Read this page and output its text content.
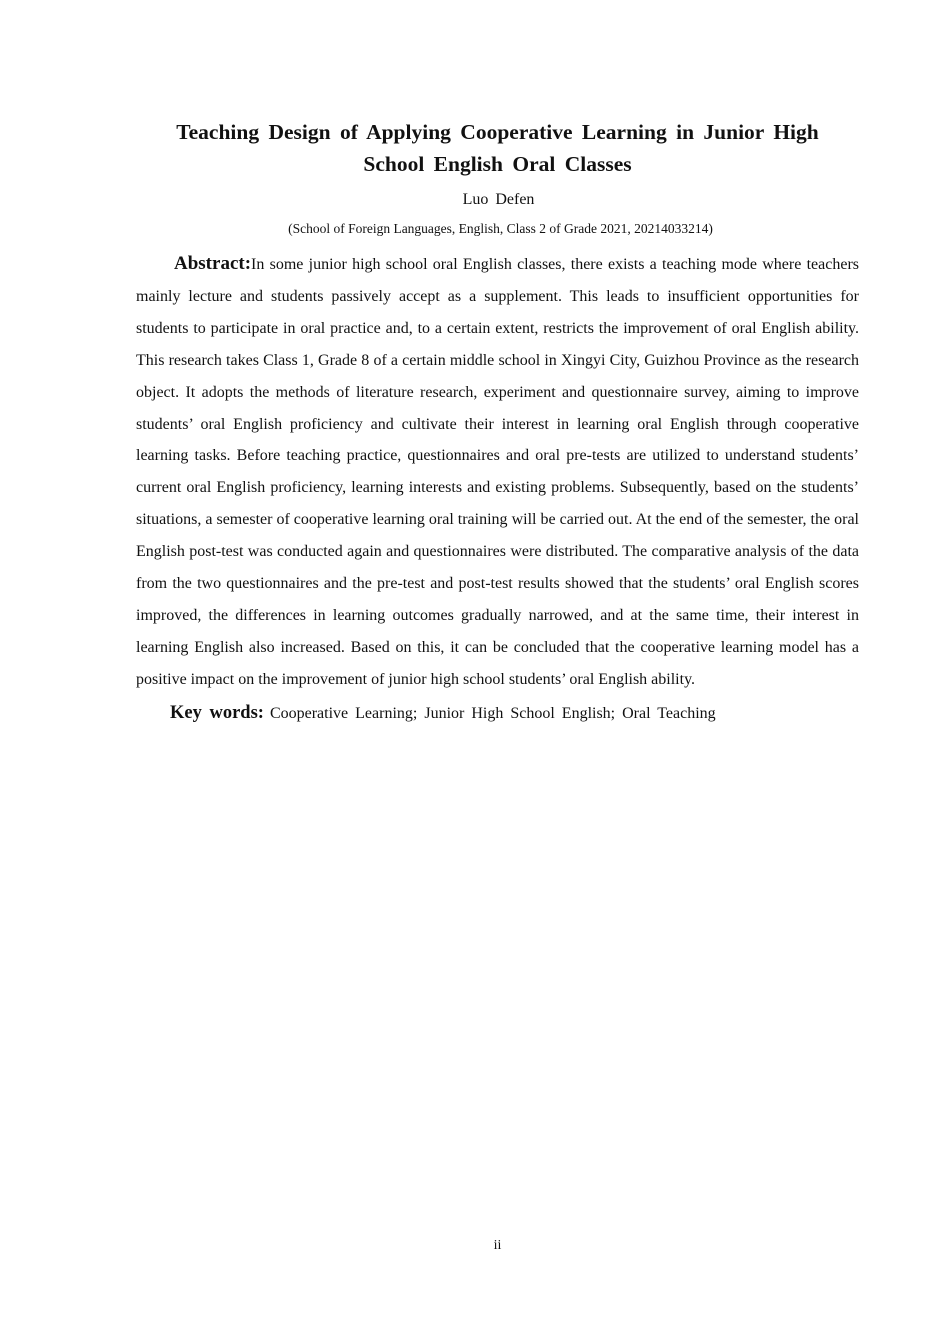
Teaching Design of Applying Cooperative Learning in Junior High
School English Oral Classes

Luo Defen

(School of Foreign Languages, English, Class 2 of Grade 2021, 20214033214)

Abstract:In some junior high school oral English classes, there exists a teaching mode where teachers mainly lecture and students passively accept as a supplement. This leads to insufficient opportunities for students to participate in oral practice and, to a certain extent, restricts the improvement of oral English ability. This research takes Class 1, Grade 8 of a certain middle school in Xingyi City, Guizhou Province as the research object. It adopts the methods of literature research, experiment and questionnaire survey, aiming to improve students’ oral English proficiency and cultivate their interest in learning oral English through cooperative learning tasks. Before teaching practice, questionnaires and oral pre-tests are utilized to understand students’ current oral English proficiency, learning interests and existing problems. Subsequently, based on the students’ situations, a semester of cooperative learning oral training will be carried out. At the end of the semester, the oral English post-test was conducted again and questionnaires were distributed. The comparative analysis of the data from the two questionnaires and the pre-test and post-test results showed that the students’ oral English scores improved, the differences in learning outcomes gradually narrowed, and at the same time, their interest in learning English also increased. Based on this, it can be concluded that the cooperative learning model has a positive impact on the improvement of junior high school students’ oral English ability.

Key words: Cooperative Learning; Junior High School English; Oral Teaching

ii
